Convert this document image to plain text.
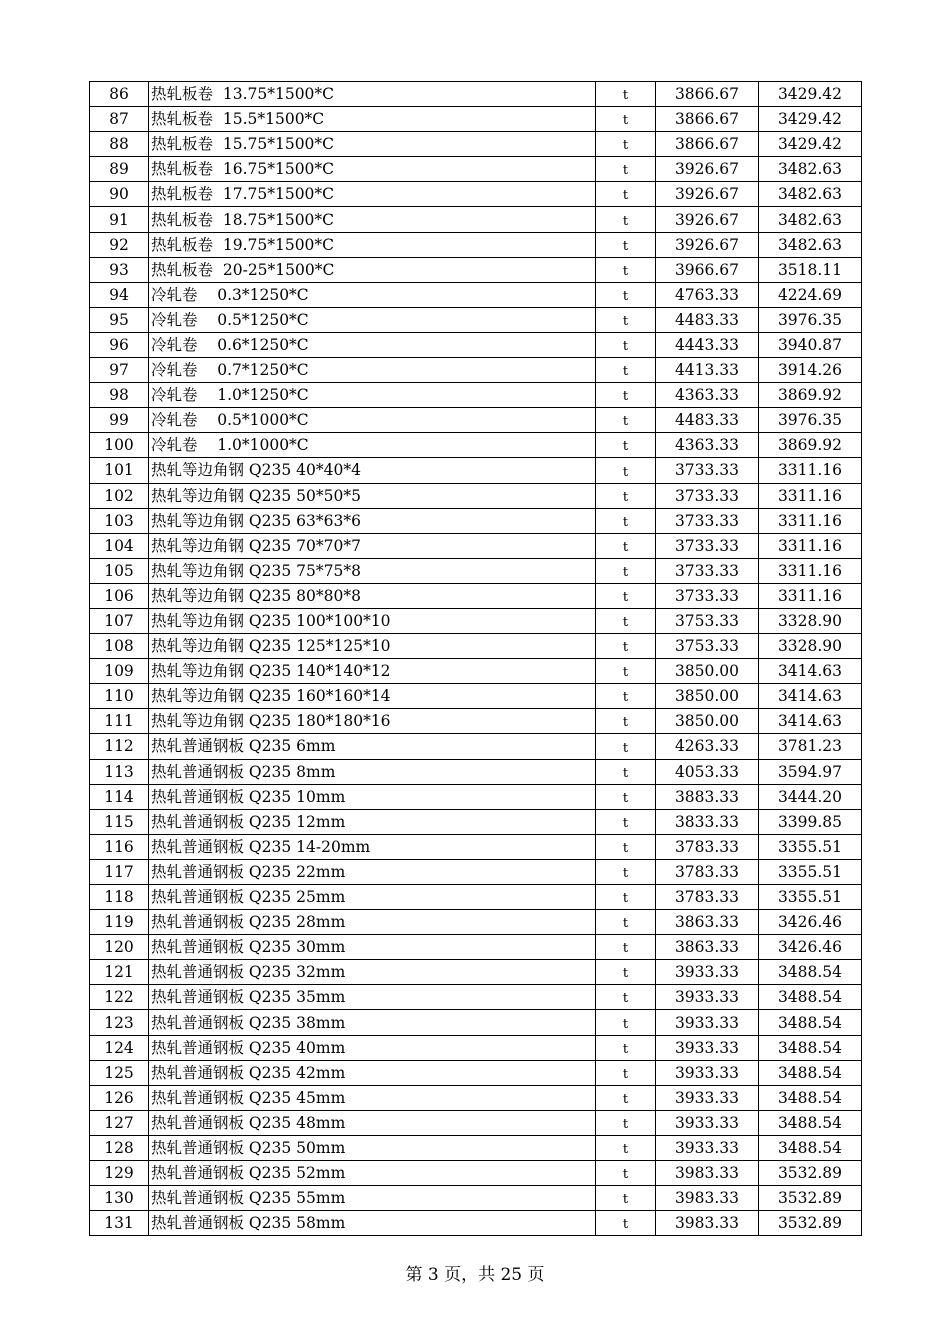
86	热轧板卷  13.75*1500*C	t	3866.67	3429.42
87	热轧板卷  15.5*1500*C	t	3866.67	3429.42
88	热轧板卷  15.75*1500*C	t	3866.67	3429.42
89	热轧板卷  16.75*1500*C	t	3926.67	3482.63
90	热轧板卷  17.75*1500*C	t	3926.67	3482.63
91	热轧板卷  18.75*1500*C	t	3926.67	3482.63
92	热轧板卷  19.75*1500*C	t	3926.67	3482.63
93	热轧板卷  20-25*1500*C	t	3966.67	3518.11
94	冷轧卷    0.3*1250*C	t	4763.33	4224.69
95	冷轧卷    0.5*1250*C	t	4483.33	3976.35
96	冷轧卷    0.6*1250*C	t	4443.33	3940.87
97	冷轧卷    0.7*1250*C	t	4413.33	3914.26
98	冷轧卷    1.0*1250*C	t	4363.33	3869.92
99	冷轧卷    0.5*1000*C	t	4483.33	3976.35
100	冷轧卷    1.0*1000*C	t	4363.33	3869.92
101	热轧等边角钢 Q235 40*40*4	t	3733.33	3311.16
102	热轧等边角钢 Q235 50*50*5	t	3733.33	3311.16
103	热轧等边角钢 Q235 63*63*6	t	3733.33	3311.16
104	热轧等边角钢 Q235 70*70*7	t	3733.33	3311.16
105	热轧等边角钢 Q235 75*75*8	t	3733.33	3311.16
106	热轧等边角钢 Q235 80*80*8	t	3733.33	3311.16
107	热轧等边角钢 Q235 100*100*10	t	3753.33	3328.90
108	热轧等边角钢 Q235 125*125*10	t	3753.33	3328.90
109	热轧等边角钢 Q235 140*140*12	t	3850.00	3414.63
110	热轧等边角钢 Q235 160*160*14	t	3850.00	3414.63
111	热轧等边角钢 Q235 180*180*16	t	3850.00	3414.63
112	热轧普通钢板 Q235 6mm	t	4263.33	3781.23
113	热轧普通钢板 Q235 8mm	t	4053.33	3594.97
114	热轧普通钢板 Q235 10mm	t	3883.33	3444.20
115	热轧普通钢板 Q235 12mm	t	3833.33	3399.85
116	热轧普通钢板 Q235 14-20mm	t	3783.33	3355.51
117	热轧普通钢板 Q235 22mm	t	3783.33	3355.51
118	热轧普通钢板 Q235 25mm	t	3783.33	3355.51
119	热轧普通钢板 Q235 28mm	t	3863.33	3426.46
120	热轧普通钢板 Q235 30mm	t	3863.33	3426.46
121	热轧普通钢板 Q235 32mm	t	3933.33	3488.54
122	热轧普通钢板 Q235 35mm	t	3933.33	3488.54
123	热轧普通钢板 Q235 38mm	t	3933.33	3488.54
124	热轧普通钢板 Q235 40mm	t	3933.33	3488.54
125	热轧普通钢板 Q235 42mm	t	3933.33	3488.54
126	热轧普通钢板 Q235 45mm	t	3933.33	3488.54
127	热轧普通钢板 Q235 48mm	t	3933.33	3488.54
128	热轧普通钢板 Q235 50mm	t	3933.33	3488.54
129	热轧普通钢板 Q235 52mm	t	3983.33	3532.89
130	热轧普通钢板 Q235 55mm	t	3983.33	3532.89
131	热轧普通钢板 Q235 58mm	t	3983.33	3532.89
第 3 页，共 25 页
